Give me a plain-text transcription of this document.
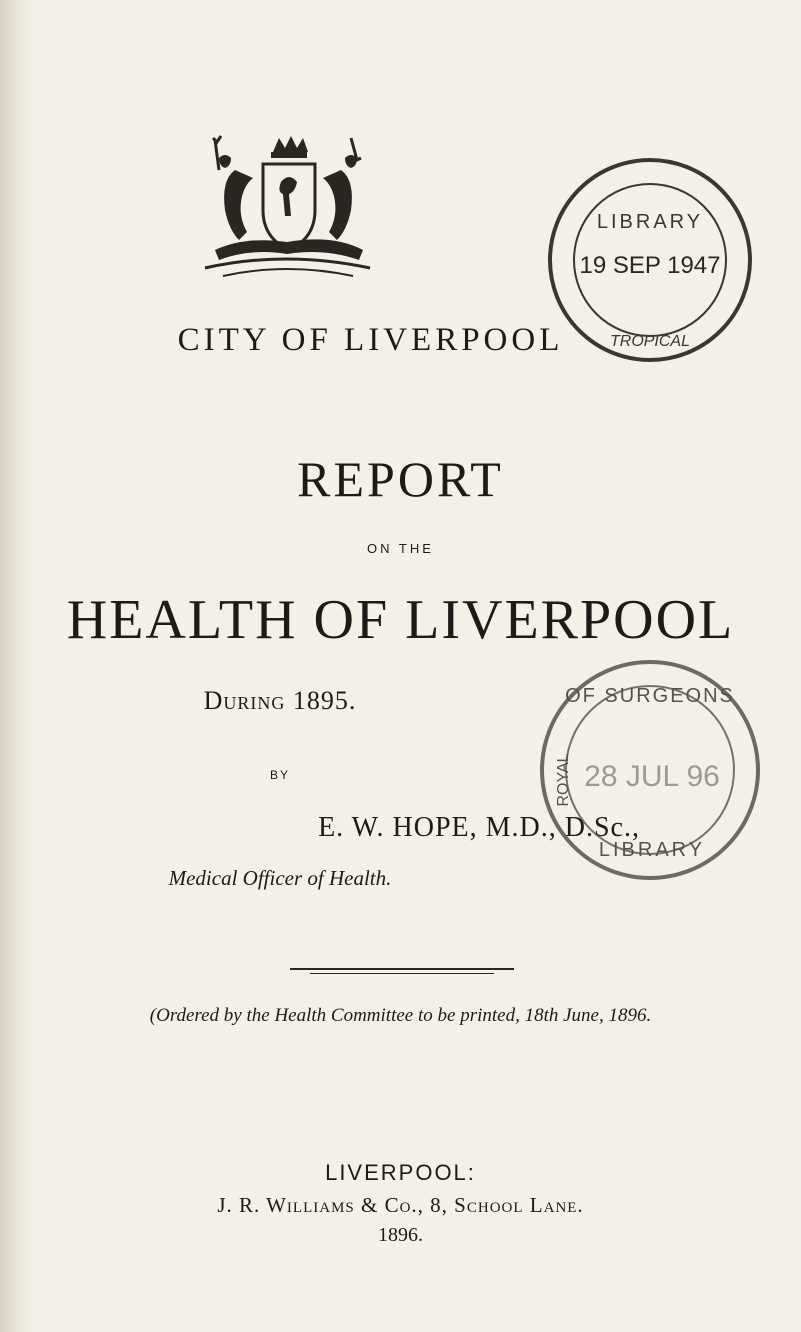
CITY OF LIVERPOOL
LIBRARY
19 SEP 1947
TROPICAL
REPORT
ON THE
HEALTH OF LIVERPOOL
During 1895.
BY
E. W. HOPE, M.D., D.Sc.,
Medical Officer of Health.
OF SURGEONS
ROYAL 28 JUL 96
LIBRARY
(Ordered by the Health Committee to be printed, 18th June, 1896.
LIVERPOOL:
J. R. Williams & Co., 8, School Lane.
1896.
